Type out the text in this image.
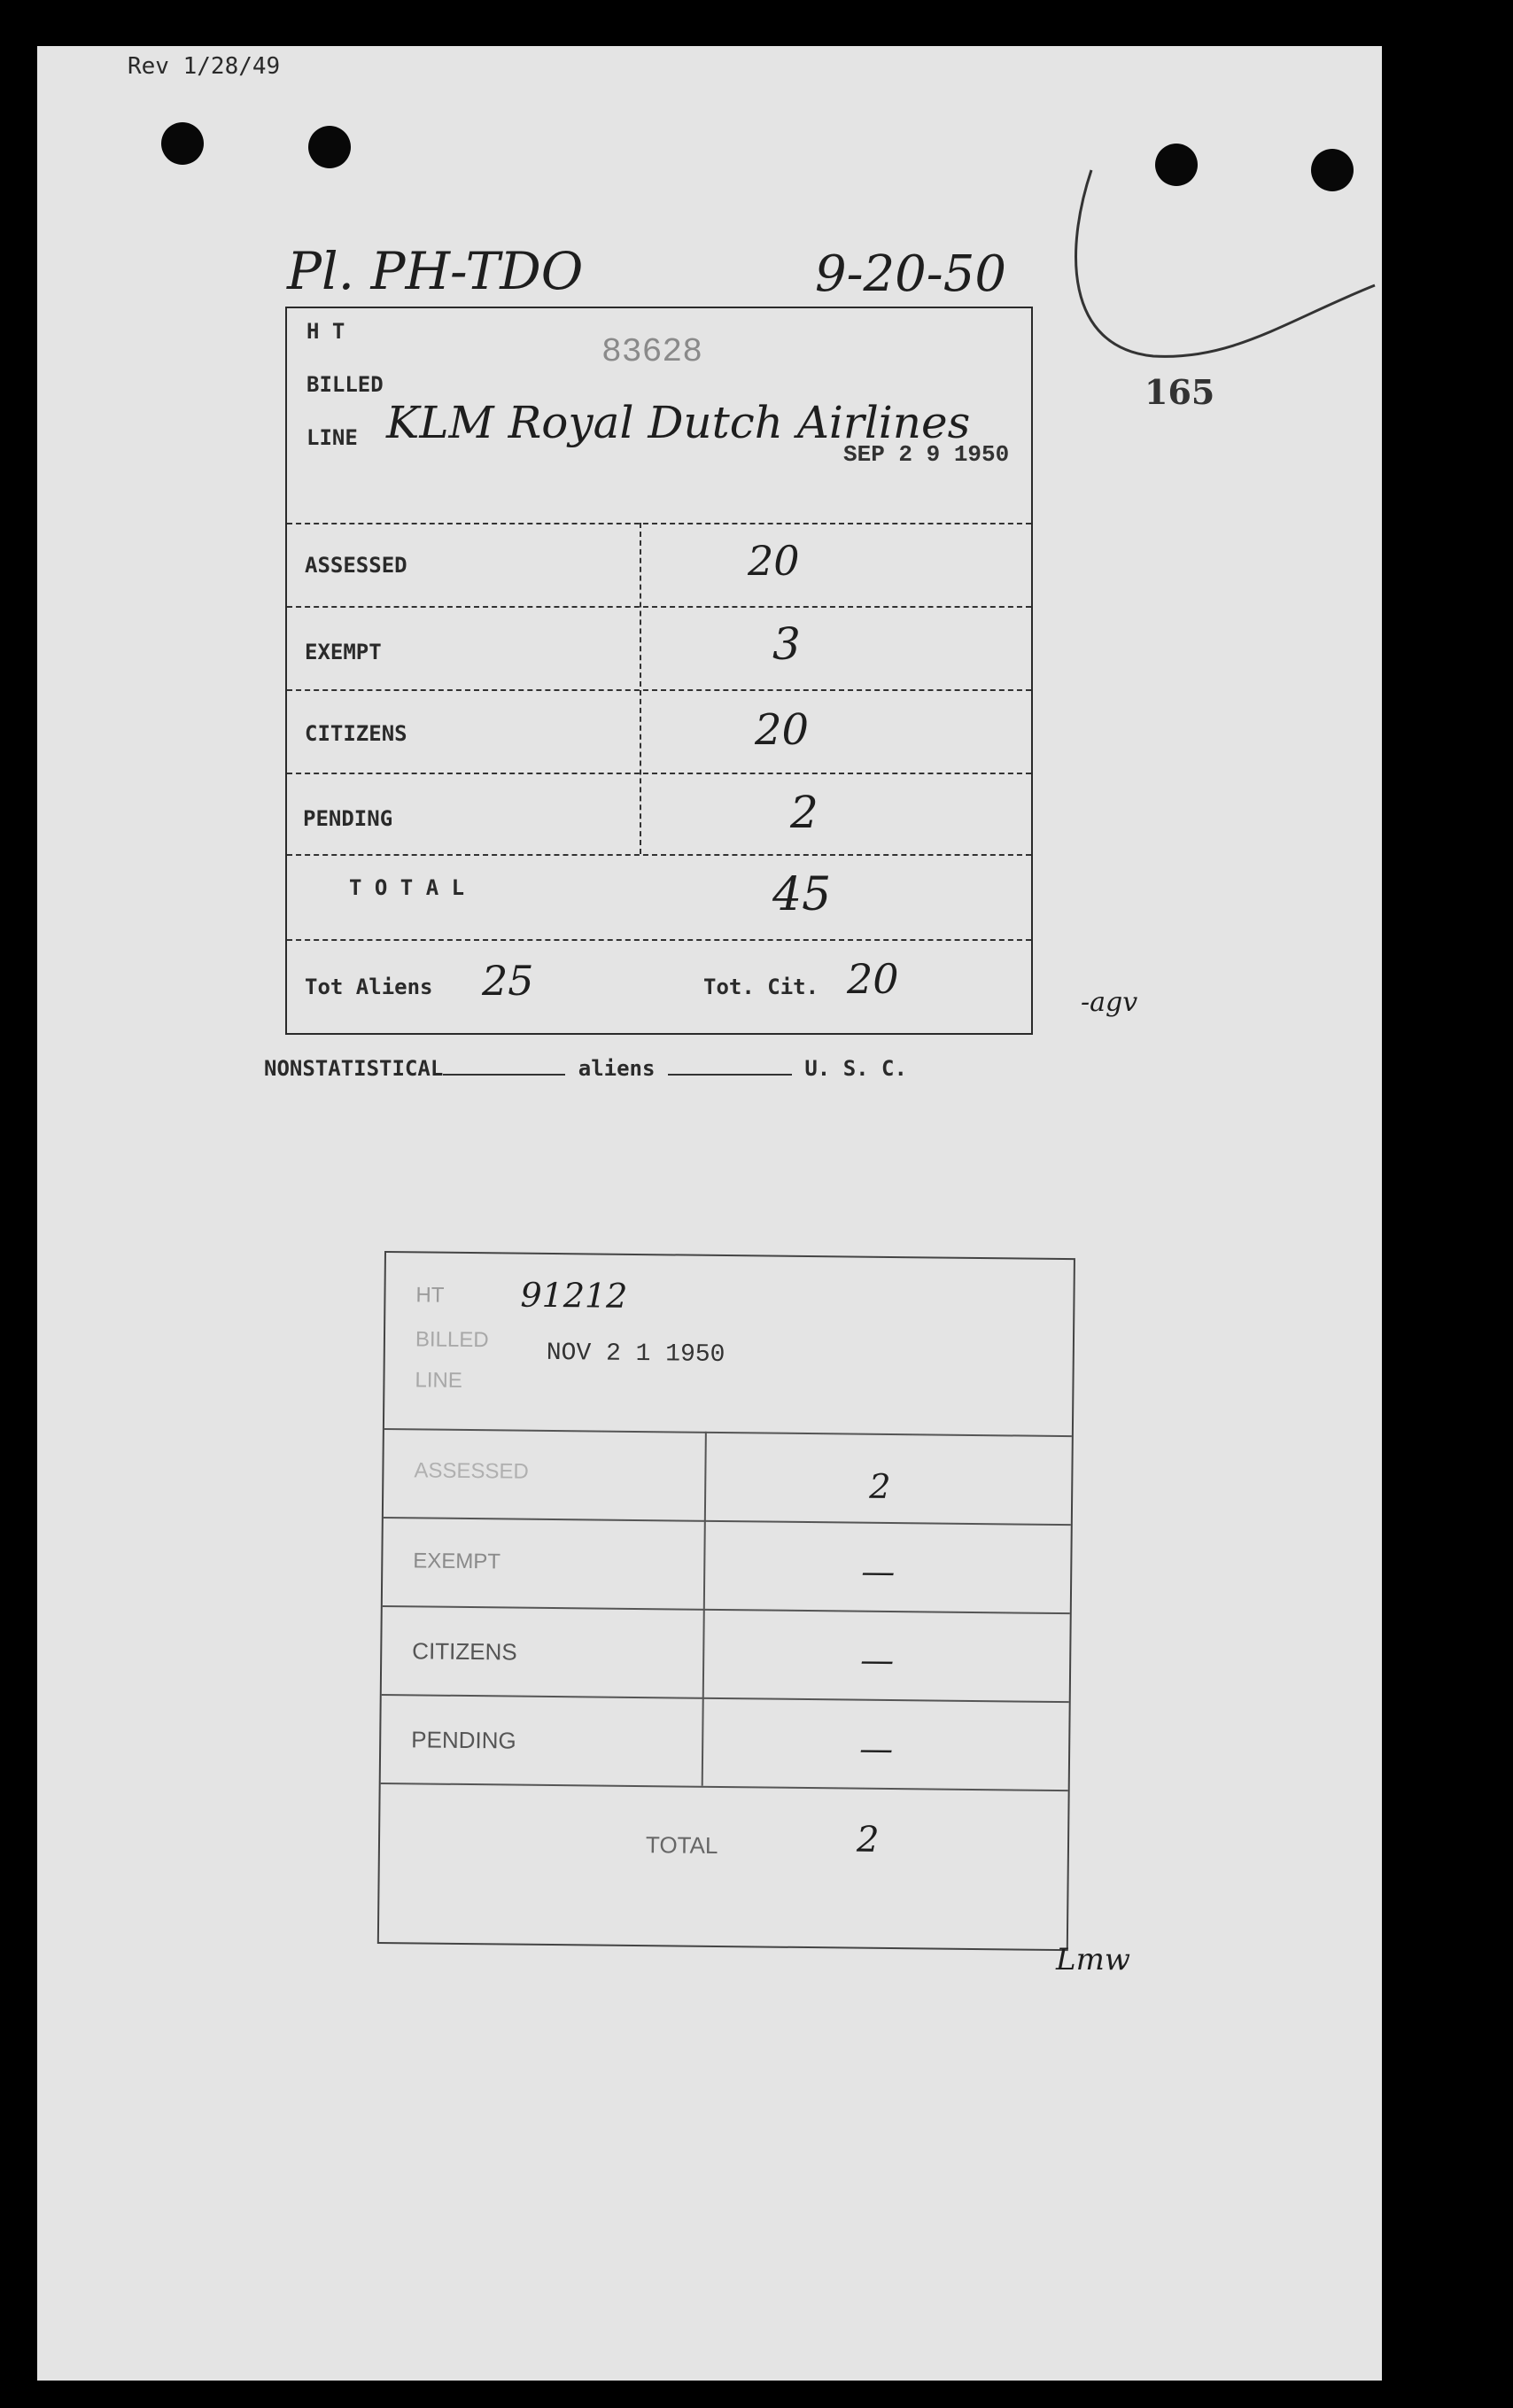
Rev 1/28/49
165
Pl. PH-TDO	9-20-50
H T
83628
BILLED
LINE KLM Royal Dutch Airlines
SEP 2 9 1950
ASSESSED	20
EXEMPT	3
CITIZENS	20
PENDING	2
T O T A L	45
Tot Aliens 25	Tot. Cit. 20	-agv
NONSTATISTICAL	aliens	U. S. C.
HT 91212
BILLED
LINE
NOV 2 1 1950
ASSESSED	2
EXEMPT	—
CITIZENS	—
PENDING	—
TOTAL	2
Lmw
